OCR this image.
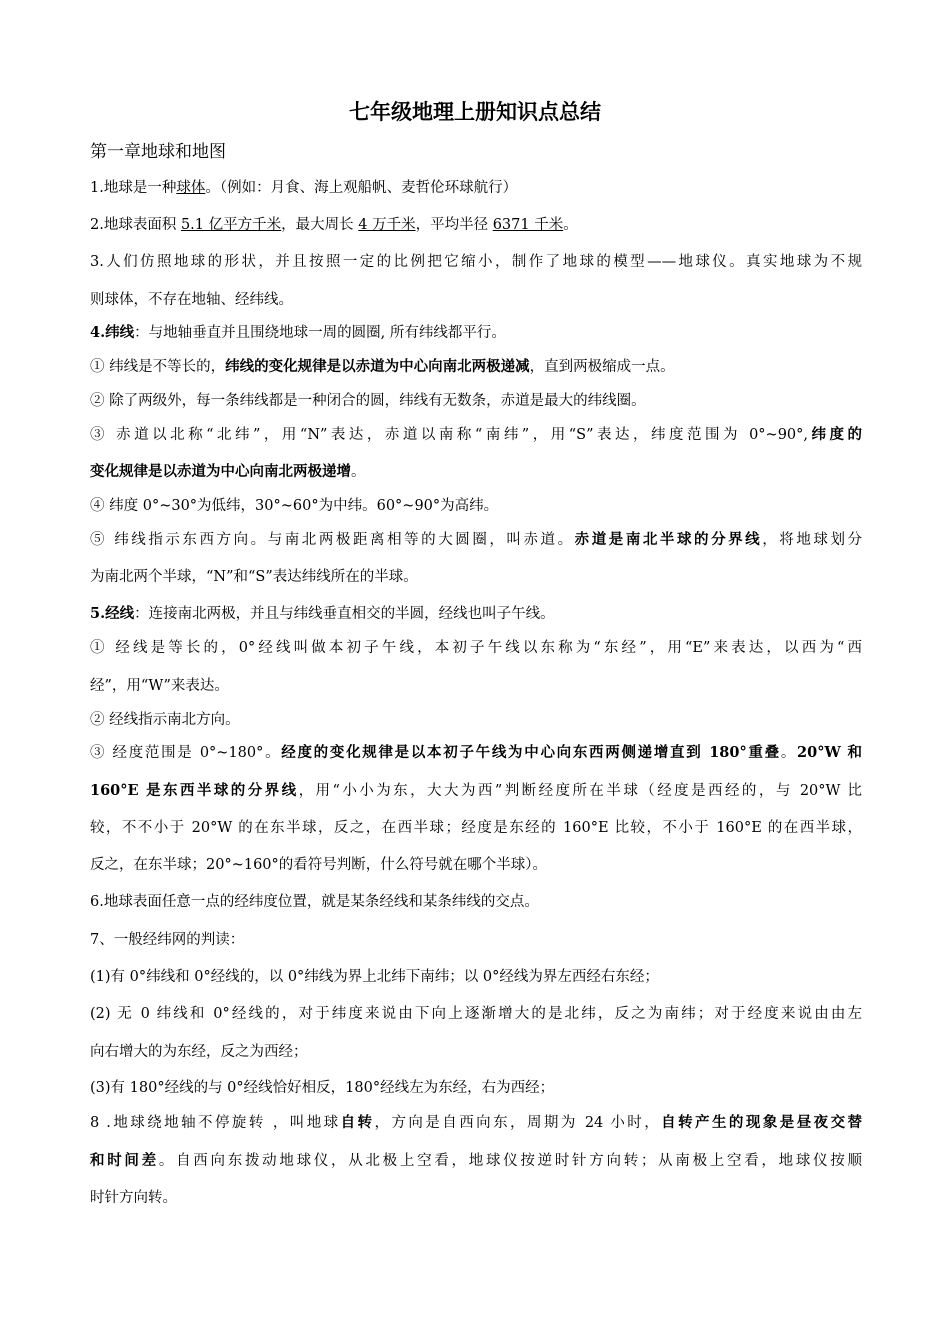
七年级地理上册知识点总结
第一章地球和地图
1.地球是一种球体。（例如：月食、海上观船帆、麦哲伦环球航行）
2.地球表面积 5.1 亿平方千米，最大周长 4 万千米，平均半径 6371 千米。
3.人们仿照地球的形状，并且按照一定的比例把它缩小，制作了地球的模型——地球仪。真实地球为不规
则球体，不存在地轴、经纬线。
4.纬线：与地轴垂直并且围绕地球一周的圆圈, 所有纬线都平行。
① 纬线是不等长的，纬线的变化规律是以赤道为中心向南北两极递减，直到两极缩成一点。
② 除了两级外，每一条纬线都是一种闭合的圆，纬线有无数条，赤道是最大的纬线圈。
③ 赤道以北称“北纬”，用“N”表达，赤道以南称“南纬”，用“S”表达，纬度范围为 0°~90°,纬度的
变化规律是以赤道为中心向南北两极递增。
④ 纬度 0°~30°为低纬，30°~60°为中纬。60°~90°为高纬。
⑤ 纬线指示东西方向。与南北两极距离相等的大圆圈，叫赤道。赤道是南北半球的分界线，将地球划分
为南北两个半球，“N”和“S”表达纬线所在的半球。
5.经线：连接南北两极，并且与纬线垂直相交的半圆，经线也叫子午线。
① 经线是等长的，0°经线叫做本初子午线，本初子午线以东称为“东经”，用“E”来表达，以西为“西
经”，用“W”来表达。
② 经线指示南北方向。
③ 经度范围是 0°~180°。经度的变化规律是以本初子午线为中心向东西两侧递增直到 180°重叠。20°W 和
160°E 是东西半球的分界线，用“小小为东，大大为西”判断经度所在半球（经度是西经的，与 20°W 比
较，不不小于 20°W 的在东半球，反之，在西半球；经度是东经的 160°E 比较，不小于 160°E 的在西半球，
反之，在东半球；20°~160°的看符号判断，什么符号就在哪个半球）。
6.地球表面任意一点的经纬度位置，就是某条经线和某条纬线的交点。
7、一般经纬网的判读：
(1)有 0°纬线和 0°经线的，以 0°纬线为界上北纬下南纬；以 0°经线为界左西经右东经；
(2) 无 0 纬线和 0°经线的，对于纬度来说由下向上逐渐增大的是北纬，反之为南纬；对于经度来说由由左
向右增大的为东经，反之为西经；
(3)有 180°经线的与 0°经线恰好相反，180°经线左为东经，右为西经；
8 .地球绕地轴不停旋转 ，叫地球自转，方向是自西向东，周期为 24 小时，自转产生的现象是昼夜交替
和时间差。自西向东拨动地球仪，从北极上空看，地球仪按逆时针方向转；从南极上空看，地球仪按顺
时针方向转。
